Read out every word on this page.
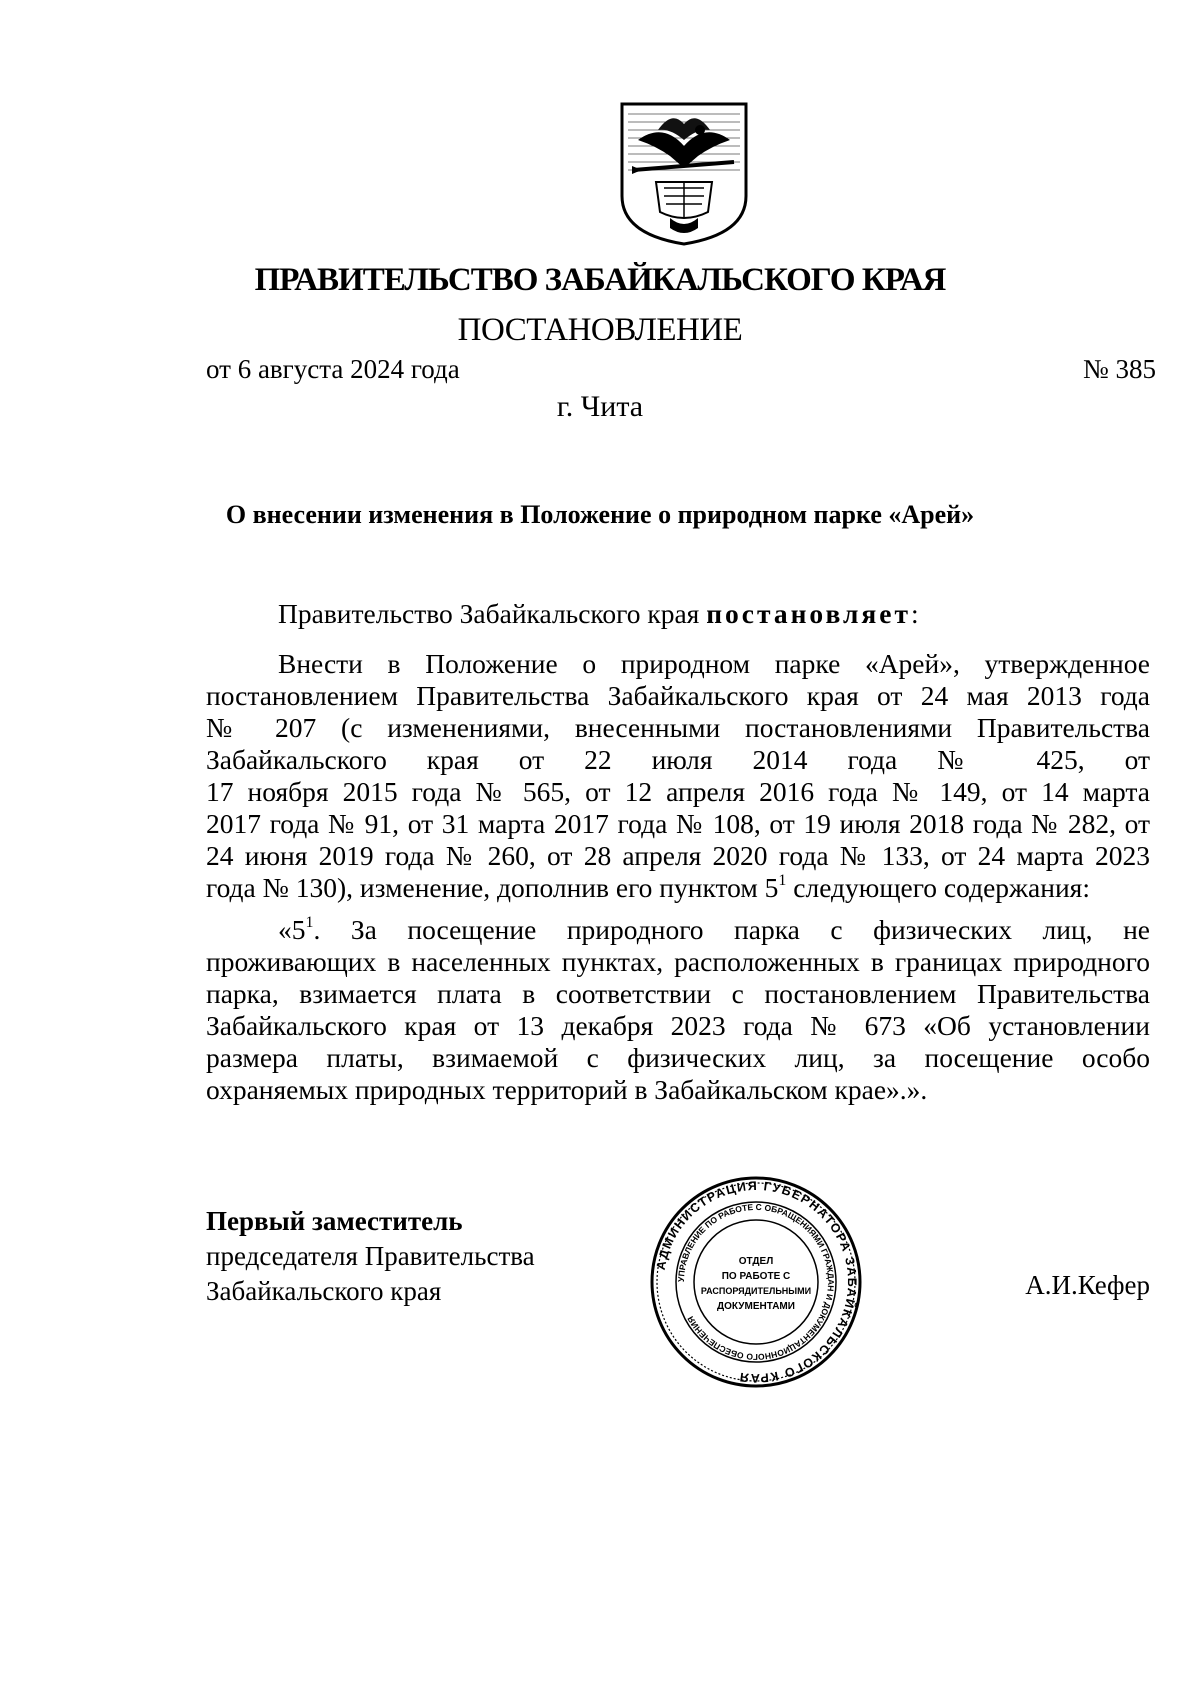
ПРАВИТЕЛЬСТВО ЗАБАЙКАЛЬСКОГО КРАЯ
ПОСТАНОВЛЕНИЕ
от 6 августа 2024 года	№ 385
г. Чита
О внесении изменения в Положение о природном парке «Арей»
Правительство Забайкальского края постановляет:
Внести в Положение о природном парке «Арей», утвержденное
постановлением Правительства Забайкальского края от 24 мая 2013 года
№ 207 (с изменениями, внесенными постановлениями Правительства
Забайкальского края от 22 июля 2014 года № 425, от
17 ноября 2015 года № 565, от 12 апреля 2016 года № 149, от 14 марта
2017 года № 91, от 31 марта 2017 года № 108, от 19 июля 2018 года № 282, от
24 июня 2019 года № 260, от 28 апреля 2020 года № 133, от 24 марта 2023
года № 130), изменение, дополнив его пунктом $5^1$ следующего содержания:
«$5^1$ . За посещение природного парка с физических лиц, не
проживающих в населенных пунктах, расположенных в границах природного
парка, взимается плата в соответствии с постановлением Правительства
Забайкальского края от 13 декабря 2023 года № 673 «Об установлении
размера платы, взимаемой с физических лиц, за посещение особо
охраняемых природных территорий в Забайкальском крае».».
Первый заместитель
председателя Правительства
Забайкальского края	А.И.Кефер
АДМИНИСТРАЦИЯ ГУБЕРНАТОРА ЗАБАЙКАЛЬСКОГО КРАЯ
УПРАВЛЕНИЕ ПО РАБОТЕ С ОБРАЩЕНИЯМИ ГРАЖДАН И ДОКУМЕНТАЦИОННОГО ОБЕСПЕЧЕНИЯ
ОТДЕЛ
ПО РАБОТЕ С
РАСПОРЯДИТЕЛЬНЫМИ
ДОКУМЕНТАМИ
